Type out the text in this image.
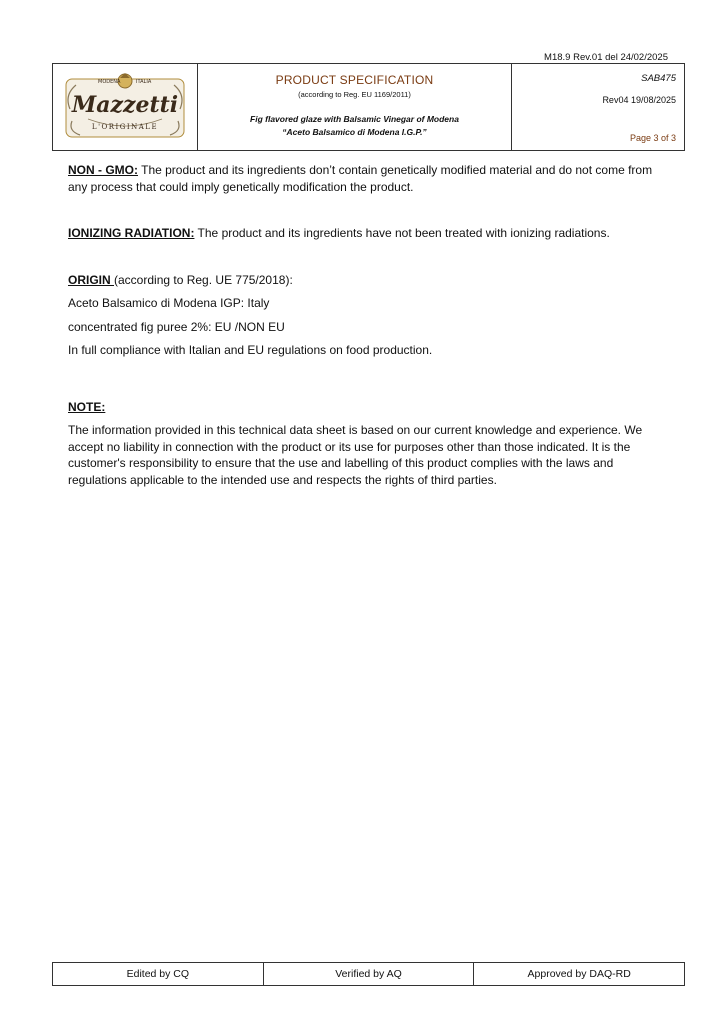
M18.9 Rev.01 del 24/02/2025
MODENA	ITALIA
Mazzetti
L'ORIGINALE
PRODUCT SPECIFICATION
(according to Reg. EU 1169/2011)
Fig flavored glaze with Balsamic Vinegar of Modena
“Aceto Balsamico di Modena I.G.P.”
SAB475
Rev04 19/08/2025
Page 3 of 3

NON - GMO: The product and its ingredients don’t contain genetically modified material and do not come from any process that could imply genetically modification the product.

IONIZING RADIATION: The product and its ingredients have not been treated with ionizing radiations.

ORIGIN (according to Reg. UE 775/2018):

Aceto Balsamico di Modena IGP: Italy

concentrated fig puree 2%: EU /NON EU

In full compliance with Italian and EU regulations on food production.

NOTE:

The information provided in this technical data sheet is based on our current knowledge and experience. We accept no liability in connection with the product or its use for purposes other than those indicated. It is the customer's responsibility to ensure that the use and labelling of this product complies with the laws and regulations applicable to the intended use and respects the rights of third parties.

Edited by CQ	Verified by AQ	Approved by DAQ-RD
